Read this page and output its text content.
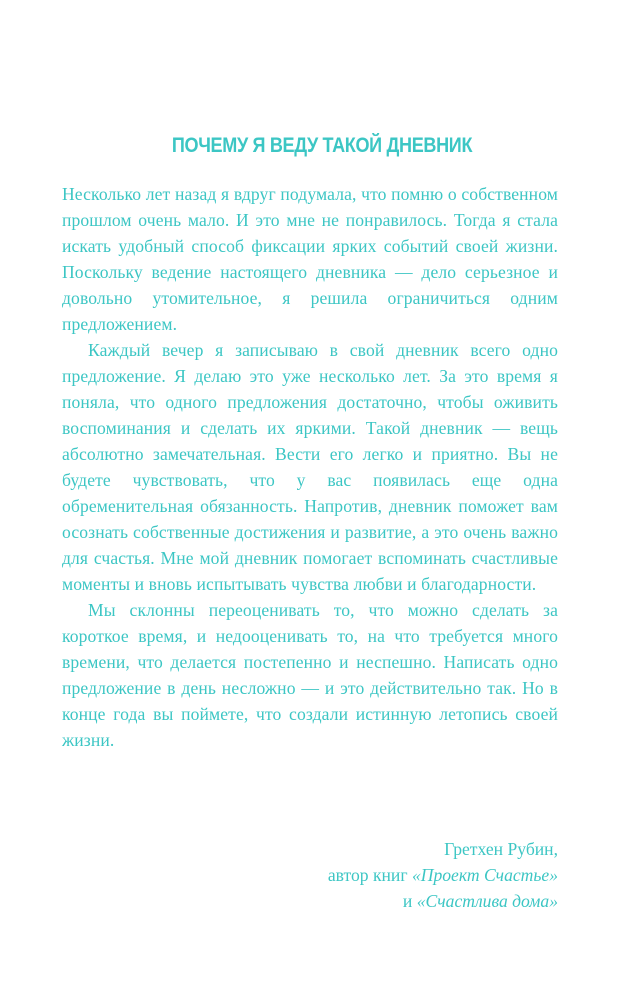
ПОЧЕМУ Я ВЕДУ ТАКОЙ ДНЕВНИК

Несколько лет назад я вдруг подумала, что помню о собственном прошлом очень мало. И это мне не понравилось. Тогда я стала искать удобный способ фиксации ярких событий своей жизни. Поскольку ведение настоящего дневника — дело серьезное и довольно утомительное, я решила ограничиться одним предложением.

Каждый вечер я записываю в свой дневник всего одно предложение. Я делаю это уже несколько лет. За это время я поняла, что одного предложения достаточно, чтобы оживить воспоминания и сделать их яркими. Такой дневник — вещь абсолютно замечательная. Вести его легко и приятно. Вы не будете чувствовать, что у вас появилась еще одна обременительная обязанность. Напротив, дневник поможет вам осознать собственные достижения и развитие, а это очень важно для счастья. Мне мой дневник помогает вспоминать счастливые моменты и вновь испытывать чувства любви и благодарности.

Мы склонны переоценивать то, что можно сделать за короткое время, и недооценивать то, на что требуется много времени, что делается постепенно и неспешно. Написать одно предложение в день несложно — и это действительно так. Но в конце года вы поймете, что создали истинную летопись своей жизни.

Гретхен Рубин,
автор книг «Проект Счастье»
и «Счастлива дома»
